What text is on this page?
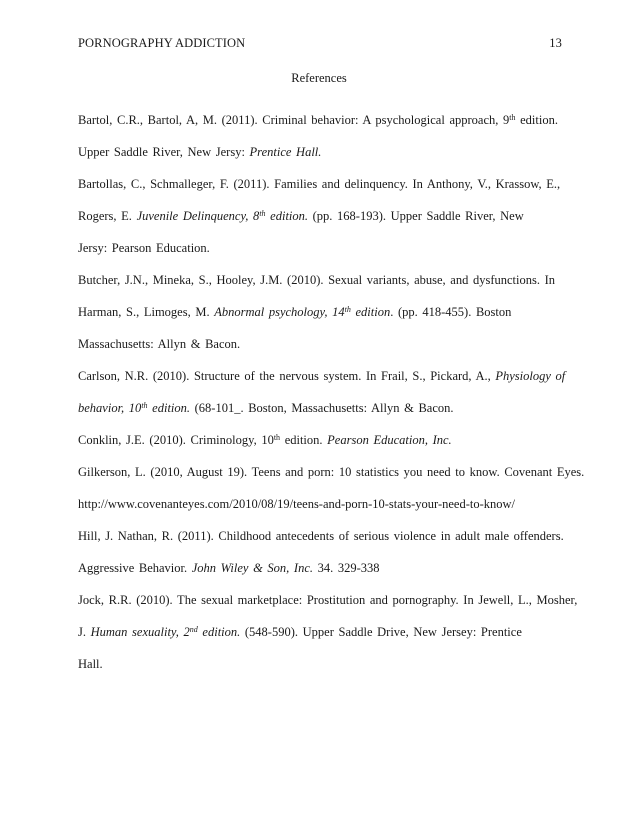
PORNOGRAPHY ADDICTION	13
References
Bartol, C.R., Bartol, A, M. (2011). Criminal behavior: A psychological approach, 9th edition.
Upper Saddle River, New Jersy: Prentice Hall.
Bartollas, C., Schmalleger, F. (2011). Families and delinquency. In Anthony, V., Krassow, E.,
Rogers, E. Juvenile Delinquency, 8th edition. (pp. 168-193). Upper Saddle River, New
Jersy: Pearson Education.
Butcher, J.N., Mineka, S., Hooley, J.M. (2010). Sexual variants, abuse, and dysfunctions. In
Harman, S., Limoges, M. Abnormal psychology, 14th edition. (pp. 418-455). Boston
Massachusetts: Allyn & Bacon.
Carlson, N.R. (2010). Structure of the nervous system. In Frail, S., Pickard, A., Physiology of
behavior, 10th edition. (68-101_. Boston, Massachusetts: Allyn & Bacon.
Conklin, J.E. (2010). Criminology, 10th edition. Pearson Education, Inc.
Gilkerson, L. (2010, August 19). Teens and porn: 10 statistics you need to know. Covenant Eyes.
http://www.covenanteyes.com/2010/08/19/teens-and-porn-10-stats-your-need-to-know/
Hill, J. Nathan, R. (2011). Childhood antecedents of serious violence in adult male offenders.
Aggressive Behavior. John Wiley & Son, Inc. 34. 329-338
Jock, R.R. (2010). The sexual marketplace: Prostitution and pornography. In Jewell, L., Mosher,
J. Human sexuality, 2nd edition. (548-590). Upper Saddle Drive, New Jersey: Prentice
Hall.
